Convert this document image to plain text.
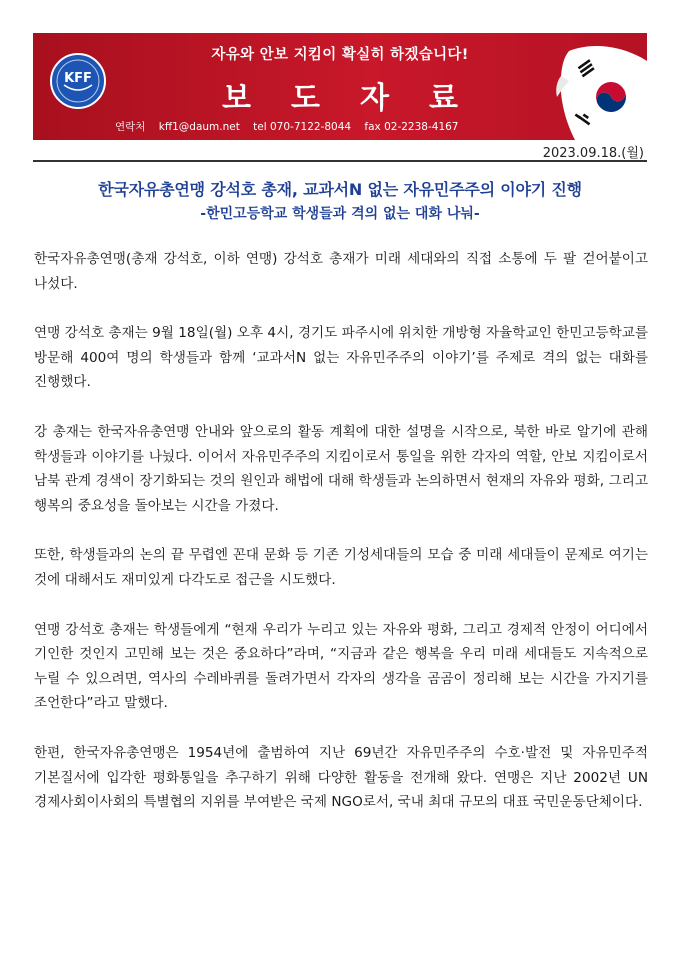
KFF
자유와 안보 지킴이 확실히 하겠습니다!
보 도 자 료
연락처 kff1@daum.net tel 070-7122-8044 fax 02-2238-4167
2023.09.18.(월)
한국자유총연맹 강석호 총재, 교과서N 없는 자유민주주의 이야기 진행
-한민고등학교 학생들과 격의 없는 대화 나눠-

한국자유총연맹(총재 강석호, 이하 연맹) 강석호 총재가 미래 세대와의 직접 소통에 두 팔 걷어붙이고 나섰다.

연맹 강석호 총재는 9월 18일(월) 오후 4시, 경기도 파주시에 위치한 개방형 자율학교인 한민고등학교를 방문해 400여 명의 학생들과 함께 ‘교과서N 없는 자유민주주의 이야기’를 주제로 격의 없는 대화를 진행했다.

강 총재는 한국자유총연맹 안내와 앞으로의 활동 계획에 대한 설명을 시작으로, 북한 바로 알기에 관해 학생들과 이야기를 나눴다. 이어서 자유민주주의 지킴이로서 통일을 위한 각자의 역할, 안보 지킴이로서 남북 관계 경색이 장기화되는 것의 원인과 해법에 대해 학생들과 논의하면서 현재의 자유와 평화, 그리고 행복의 중요성을 돌아보는 시간을 가졌다.

또한, 학생들과의 논의 끝 무렵엔 꼰대 문화 등 기존 기성세대들의 모습 중 미래 세대들이 문제로 여기는 것에 대해서도 재미있게 다각도로 접근을 시도했다.

연맹 강석호 총재는 학생들에게 “현재 우리가 누리고 있는 자유와 평화, 그리고 경제적 안정이 어디에서 기인한 것인지 고민해 보는 것은 중요하다”라며, “지금과 같은 행복을 우리 미래 세대들도 지속적으로 누릴 수 있으려면, 역사의 수레바퀴를 돌려가면서 각자의 생각을 곰곰이 정리해 보는 시간을 가지기를 조언한다”라고 말했다.

한편, 한국자유총연맹은 1954년에 출범하여 지난 69년간 자유민주주의 수호·발전 및 자유민주적 기본질서에 입각한 평화통일을 추구하기 위해 다양한 활동을 전개해 왔다. 연맹은 지난 2002년 UN 경제사회이사회의 특별협의 지위를 부여받은 국제 NGO로서, 국내 최대 규모의 대표 국민운동단체이다.
